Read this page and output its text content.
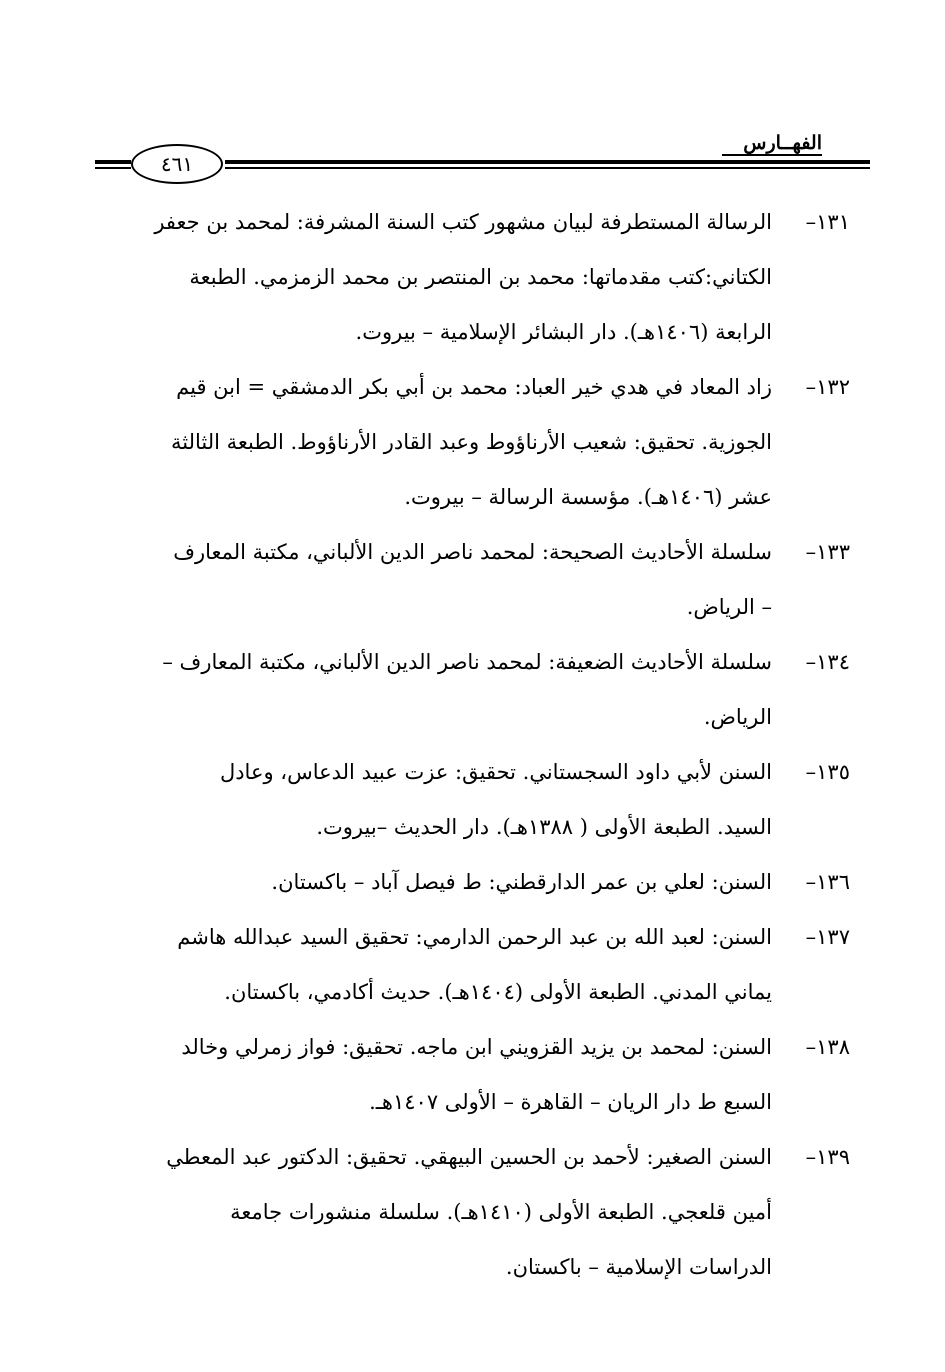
الفهــارس
٤٦١
١٣١–
الرسالة المستطرفة لبيان مشهور كتب السنة المشرفة: لمحمد بن جعفر
الكتاني:كتب مقدماتها: محمد بن المنتصر بن محمد الزمزمي. الطبعة
الرابعة (١٤٠٦هـ). دار البشائر الإسلامية – بيروت.
١٣٢–
زاد المعاد في هدي خير العباد: محمد بن أبي بكر الدمشقي = ابن قيم
الجوزية. تحقيق: شعيب الأرناؤوط وعبد القادر الأرناؤوط. الطبعة الثالثة
عشر (١٤٠٦هـ). مؤسسة الرسالة – بيروت.
١٣٣–
سلسلة الأحاديث الصحيحة: لمحمد ناصر الدين الألباني، مكتبة المعارف
– الرياض.
١٣٤–
سلسلة الأحاديث الضعيفة: لمحمد ناصر الدين الألباني، مكتبة المعارف –
الرياض.
١٣٥–
السنن لأبي داود السجستاني. تحقيق: عزت عبيد الدعاس، وعادل
السيد. الطبعة الأولى ( ١٣٨٨هـ). دار الحديث –بيروت.
١٣٦–
السنن: لعلي بن عمر الدارقطني: ط فيصل آباد – باكستان.
١٣٧–
السنن: لعبد الله بن عبد الرحمن الدارمي: تحقيق السيد عبدالله هاشم
يماني المدني. الطبعة الأولى (١٤٠٤هـ). حديث أكادمي، باكستان.
١٣٨–
السنن: لمحمد بن يزيد القزويني ابن ماجه. تحقيق: فواز زمرلي وخالد
السبع ط دار الريان – القاهرة – الأولى ١٤٠٧هـ.
١٣٩–
السنن الصغير: لأحمد بن الحسين البيهقي. تحقيق: الدكتور عبد المعطي
أمين قلعجي. الطبعة الأولى (١٤١٠هـ). سلسلة منشورات جامعة
الدراسات الإسلامية – باكستان.
